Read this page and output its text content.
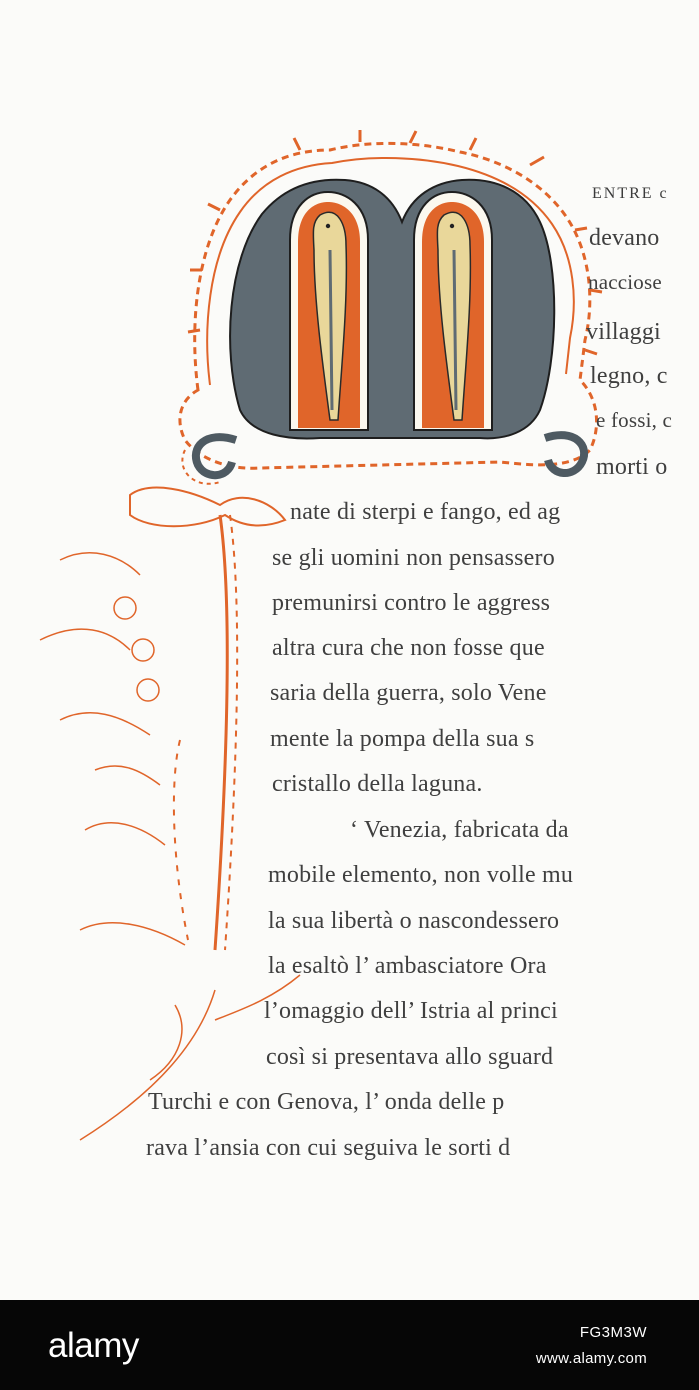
ENTRE c
devano
nacciose
villaggi
legno, c
e fossi, c
morti o
nate di sterpi e fango, ed ag
se gli uomini non pensassero
premunirsi contro le aggress
altra cura che non fosse que
saria della guerra, solo Vene
mente la pompa della sua s
cristallo della laguna.
‘ Venezia, fabricata da
mobile elemento, non volle mu
la sua libertà o nascondessero
la esaltò l’ ambasciatore Ora
l’omaggio dell’ Istria al princi
così si presentava allo sguard
Turchi e con Genova, l’ onda delle p
rava l’ansia con cui seguiva le sorti d
alamy	FG3M3W
www.alamy.com
